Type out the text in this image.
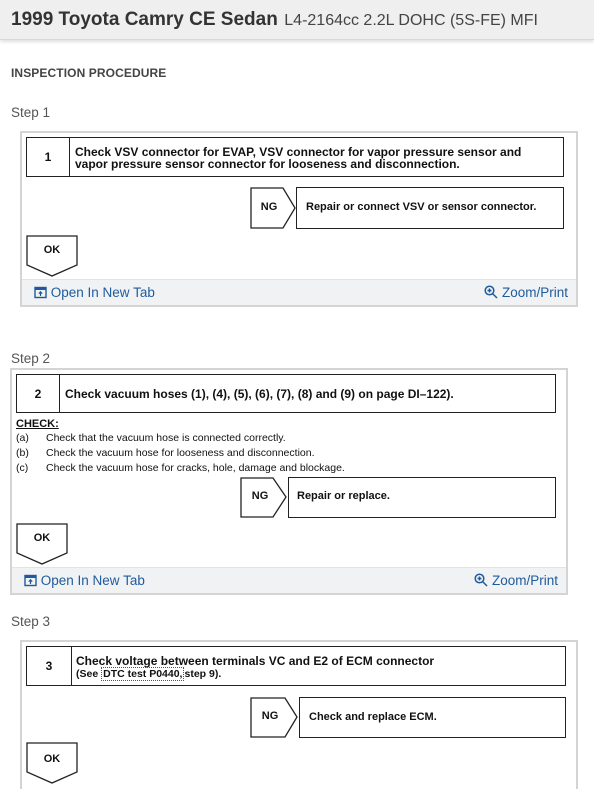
1999 Toyota Camry CE Sedan L4-2164cc 2.2L DOHC (5S-FE) MFI
INSPECTION PROCEDURE
Step 1
1	Check VSV connector for EVAP, VSV connector for vapor pressure sensor and
vapor pressure sensor connector for looseness and disconnection.
NG	Repair or connect VSV or sensor connector.
OK
Open In New Tab	Zoom/Print
Step 2
2	Check vacuum hoses (1), (4), (5), (6), (7), (8) and (9) on page DI–122).
CHECK:
(a) Check that the vacuum hose is connected correctly.
(b) Check the vacuum hose for looseness and disconnection.
(c) Check the vacuum hose for cracks, hole, damage and blockage.
NG	Repair or replace.
OK
Open In New Tab	Zoom/Print
Step 3
3	Check voltage between terminals VC and E2 of ECM connector
(See DTC test P0440, step 9).
NG	Check and replace ECM.
OK
